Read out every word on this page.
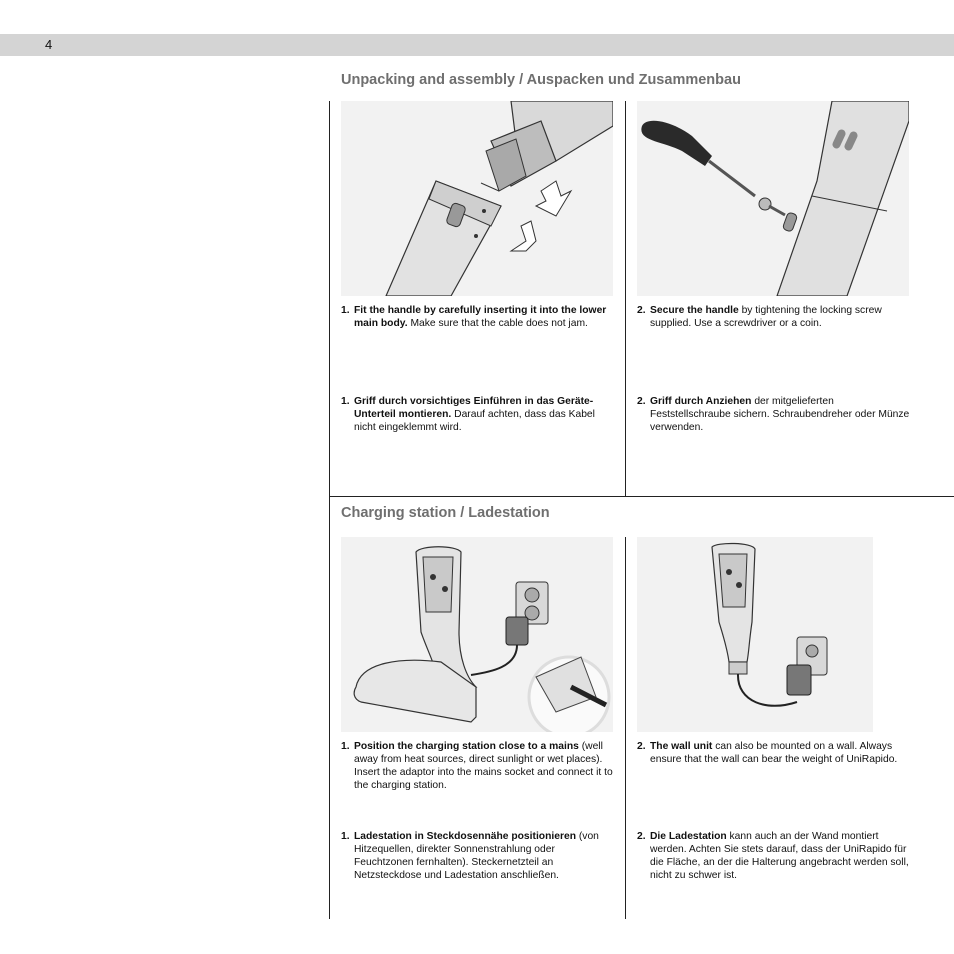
4
Unpacking and assembly / Auspacken und Zusammenbau
1. Fit the handle by carefully inserting it into the lower main body. Make sure that the cable does not jam.
2. Secure the handle by tightening the locking screw supplied. Use a screwdriver or a coin.
1. Griff durch vorsichtiges Einführen in das Geräte-Unterteil montieren. Darauf achten, dass das Kabel nicht eingeklemmt wird.
2. Griff durch Anziehen der mitgelieferten Feststellschraube sichern. Schraubendreher oder Münze verwenden.
Charging station / Ladestation
1. Position the charging station close to a mains (well away from heat sources, direct sunlight or wet places). Insert the adaptor into the mains socket and connect it to the charging station.
2. The wall unit can also be mounted on a wall. Always ensure that the wall can bear the weight of UniRapido.
1. Ladestation in Steckdosennähe positionieren (von Hitzequellen, direkter Sonnenstrahlung oder Feuchtzonen fernhalten). Steckernetzteil an Netzsteckdose und Ladestation anschließen.
2. Die Ladestation kann auch an der Wand montiert werden. Achten Sie stets darauf, dass der UniRapido für die Fläche, an der die Halterung angebracht werden soll, nicht zu schwer ist.
